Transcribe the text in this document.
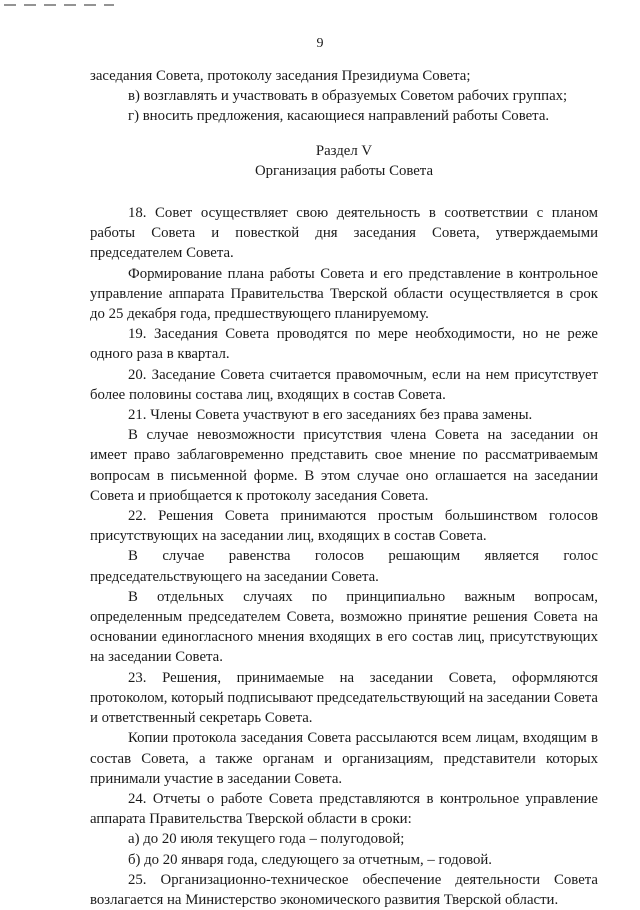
9

заседания Совета, протоколу заседания Президиума Совета;

в) возглавлять и участвовать в образуемых Советом рабочих группах;

г) вносить предложения, касающиеся направлений работы Совета.

Раздел V
Организация работы Совета

18. Совет осуществляет свою деятельность в соответствии с планом работы Совета и повесткой дня заседания Совета, утверждаемыми председателем Совета.

Формирование плана работы Совета и его представление в контрольное управление аппарата Правительства Тверской области осуществляется в срок до 25 декабря года, предшествующего планируемому.

19. Заседания Совета проводятся по мере необходимости, но не реже одного раза в квартал.

20. Заседание Совета считается правомочным, если на нем присутствует более половины состава лиц, входящих в состав Совета.

21. Члены Совета участвуют в его заседаниях без права замены.

В случае невозможности присутствия члена Совета на заседании он имеет право заблаговременно представить свое мнение по рассматриваемым вопросам в письменной форме. В этом случае оно оглашается на заседании Совета и приобщается к протоколу заседания Совета.

22. Решения Совета принимаются простым большинством голосов присутствующих на заседании лиц, входящих в состав Совета.

В случае равенства голосов решающим является голос председательствующего на заседании Совета.

В отдельных случаях по принципиально важным вопросам, определенным председателем Совета, возможно принятие решения Совета на основании единогласного мнения входящих в его состав лиц, присутствующих на заседании Совета.

23. Решения, принимаемые на заседании Совета, оформляются протоколом, который подписывают председательствующий на заседании Совета и ответственный секретарь Совета.

Копии протокола заседания Совета рассылаются всем лицам, входящим в состав Совета, а также органам и организациям, представители которых принимали участие в заседании Совета.

24. Отчеты о работе Совета представляются в контрольное управление аппарата Правительства Тверской области в сроки:

а) до 20 июля текущего года – полугодовой;

б) до 20 января года, следующего за отчетным, – годовой.

25. Организационно-техническое обеспечение деятельности Совета возлагается на Министерство экономического развития Тверской области.
